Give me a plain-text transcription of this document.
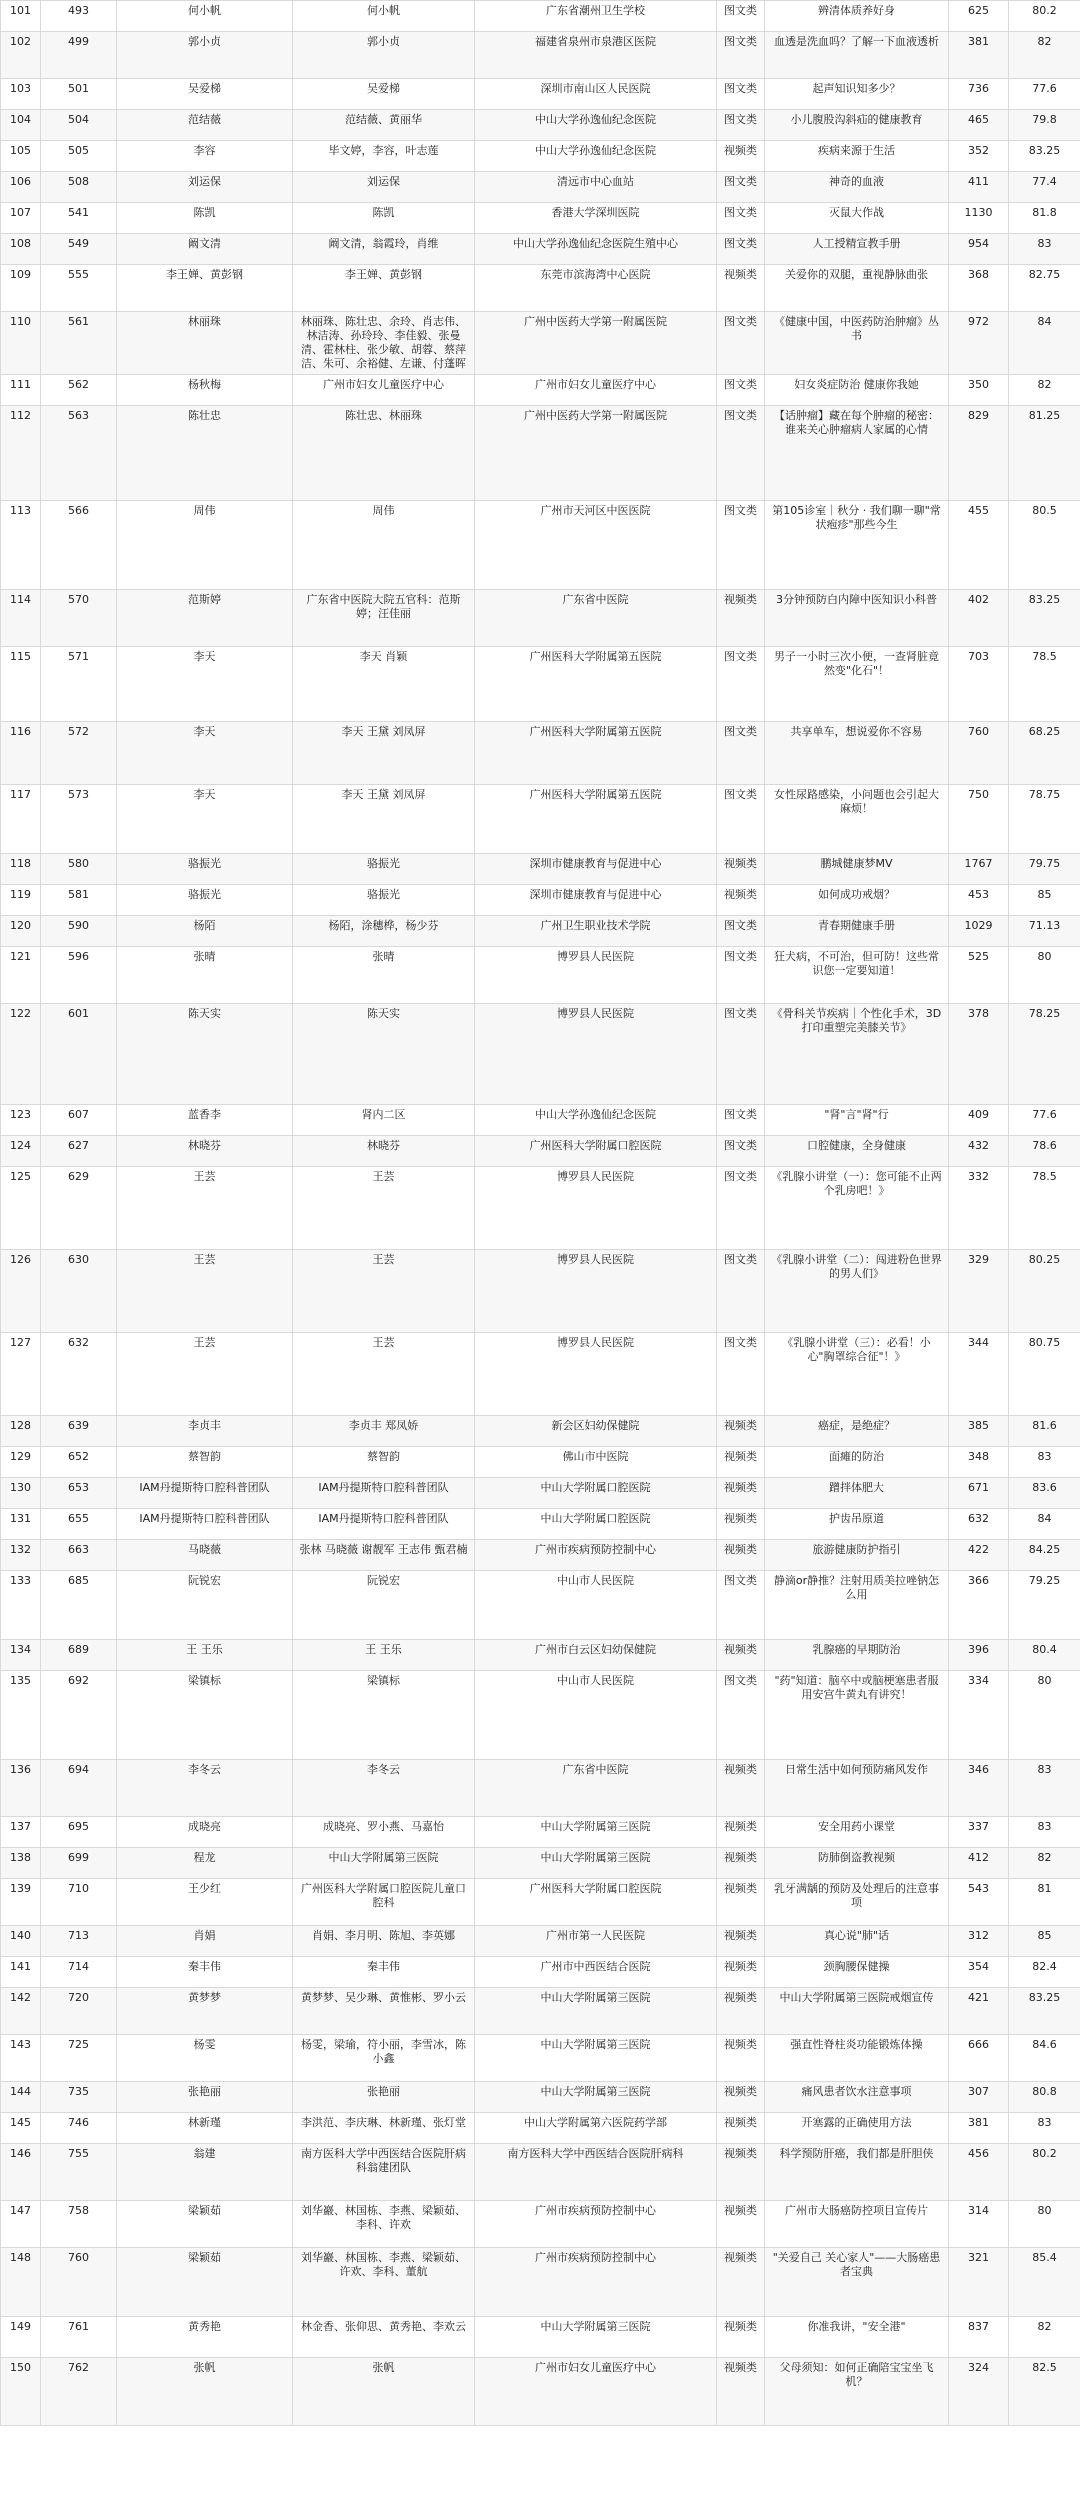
101	493	何小帆	何小帆	广东省潮州卫生学校	图文类	辨清体质养好身	625	80.2
102	499	郭小贞	郭小贞	福建省泉州市泉港区医院	图文类	血透是洗血吗？了解一下血液透析	381	82
103	501	吴爱梯	吴爱梯	深圳市南山区人民医院	图文类	起声知识知多少？	736	77.6
104	504	范结薇	范结薇、黄丽华	中山大学孙逸仙纪念医院	图文类	小儿腹股沟斜疝的健康教育	465	79.8
105	505	李容	毕文婷，李容，叶志莲	中山大学孙逸仙纪念医院	视频类	疾病来源于生活	352	83.25
106	508	刘运保	刘运保	清远市中心血站	图文类	神奇的血液	411	77.4
107	541	陈凯	陈凯	香港大学深圳医院	图文类	灭鼠大作战	1130	81.8
108	549	阚文清	阚文清，翁霞玲，肖维	中山大学孙逸仙纪念医院生殖中心	图文类	人工授精宣教手册	954	83
109	555	李王婵、黄彭钢	李王婵、黄彭钢	东莞市滨海湾中心医院	视频类	关爱你的双腿，重视静脉曲张	368	82.75
110	561	林丽珠	林丽珠、陈壮忠、余玲、肖志伟、林洁涛、孙玲玲、李佳毅、张曼清、霍林柱、张少敏、胡蓉、蔡萍洁、朱可、余裕健、左谦、付蓬晖	广州中医药大学第一附属医院	图文类	《健康中国，中医药防治肿瘤》丛书	972	84
111	562	杨秋梅	广州市妇女儿童医疗中心	广州市妇女儿童医疗中心	图文类	妇女炎症防治 健康你我她	350	82
112	563	陈壮忠	陈壮忠、林丽珠	广州中医药大学第一附属医院	图文类	【话肿瘤】藏在每个肿瘤的秘密：谁来关心肿瘤病人家属的心情	829	81.25
113	566	周伟	周伟	广州市天河区中医医院	图文类	第105诊室｜秋分 · 我们聊一聊"常状疱疹"那些今生	455	80.5
114	570	范斯婷	广东省中医院大院五官科：范斯婷；汪佳丽	广东省中医院	视频类	3分钟预防白内障中医知识小科普	402	83.25
115	571	李天	李天 肖颖	广州医科大学附属第五医院	图文类	男子一小时三次小便，一查肾脏竟然变"化石"！	703	78.5
116	572	李天	李天 王黛 刘凤屏	广州医科大学附属第五医院	图文类	共享单车，想说爱你不容易	760	68.25
117	573	李天	李天 王黛 刘凤屏	广州医科大学附属第五医院	图文类	女性尿路感染，小问题也会引起大麻烦！	750	78.75
118	580	骆振光	骆振光	深圳市健康教育与促进中心	视频类	鹏城健康梦MV	1767	79.75
119	581	骆振光	骆振光	深圳市健康教育与促进中心	视频类	如何成功戒烟？	453	85
120	590	杨陌	杨陌，涂穗桦，杨少芬	广州卫生职业技术学院	图文类	青春期健康手册	1029	71.13
121	596	张晴	张晴	博罗县人民医院	图文类	狂犬病，不可治，但可防！这些常识您一定要知道！	525	80
122	601	陈天实	陈天实	博罗县人民医院	图文类	《骨科关节疾病｜个性化手术，3D打印重塑完美膝关节》	378	78.25
123	607	蓝香李	肾内二区	中山大学孙逸仙纪念医院	图文类	"肾"言"肾"行	409	77.6
124	627	林晓芬	林晓芬	广州医科大学附属口腔医院	图文类	口腔健康，全身健康	432	78.6
125	629	王芸	王芸	博罗县人民医院	图文类	《乳腺小讲堂（一）：您可能不止两个乳房吧！》	332	78.5
126	630	王芸	王芸	博罗县人民医院	图文类	《乳腺小讲堂（二）：闯进粉色世界的男人们》	329	80.25
127	632	王芸	王芸	博罗县人民医院	图文类	《乳腺小讲堂（三）：必看！小心"胸罩综合征"！》	344	80.75
128	639	李贞丰	李贞丰 郑凤娇	新会区妇幼保健院	视频类	癌症，是绝症？	385	81.6
129	652	蔡智韵	蔡智韵	佛山市中医院	视频类	面瘫的防治	348	83
130	653	IAM丹提斯特口腔科普团队	IAM丹提斯特口腔科普团队	中山大学附属口腔医院	视频类	蹭拌体肥大	671	83.6
131	655	IAM丹提斯特口腔科普团队	IAM丹提斯特口腔科普团队	中山大学附属口腔医院	视频类	护齿吊原道	632	84
132	663	马晓薇	张林 马晓薇 谢靓军 王志伟 甄君楠	广州市疾病预防控制中心	视频类	旅游健康防护指引	422	84.25
133	685	阮锐宏	阮锐宏	中山市人民医院	图文类	静滴or静推？注射用质美拉唑钠怎么用	366	79.25
134	689	王 王乐	王 王乐	广州市白云区妇幼保健院	视频类	乳腺癌的早期防治	396	80.4
135	692	梁镇标	梁镇标	中山市人民医院	图文类	"药"知道：脑卒中或脑梗塞患者服用安宫牛黄丸有讲究！	334	80
136	694	李冬云	李冬云	广东省中医院	视频类	日常生活中如何预防痛风发作	346	83
137	695	成晓亮	成晓亮、罗小燕、马嘉怡	中山大学附属第三医院	视频类	安全用药小课堂	337	83
138	699	程龙	中山大学附属第三医院	中山大学附属第三医院	视频类	防肺倒盗教视频	412	82
139	710	王少红	广州医科大学附属口腔医院儿童口腔科	广州医科大学附属口腔医院	视频类	乳牙满龋的预防及处理后的注意事项	543	81
140	713	肖娟	肖娟、李月明、陈旭、李英娜	广州市第一人民医院	视频类	真心说"肺"话	312	85
141	714	秦丰伟	秦丰伟	广州市中西医结合医院	视频类	颈胸腰保健操	354	82.4
142	720	黄梦梦	黄梦梦、吴少琳、黄惟彬、罗小云	中山大学附属第三医院	视频类	中山大学附属第三医院戒烟宣传	421	83.25
143	725	杨雯	杨雯，梁瑜，符小丽，李雪冰，陈小鑫	中山大学附属第三医院	视频类	强直性脊柱炎功能锻炼体操	666	84.6
144	735	张艳丽	张艳丽	中山大学附属第三医院	视频类	痛风患者饮水注意事项	307	80.8
145	746	林新瑾	李洪范、李庆琳、林新瑾、张灯堂	中山大学附属第六医院药学部	视频类	开塞露的正确使用方法	381	83
146	755	翁建	南方医科大学中西医结合医院肝病科翁建团队	南方医科大学中西医结合医院肝病科	视频类	科学预防肝癌，我们都是肝胆侠	456	80.2
147	758	梁颖茹	刘华巖、林国栋、李燕、梁颖茹、李科、许欢	广州市疾病预防控制中心	视频类	广州市大肠癌防控项目宣传片	314	80
148	760	梁颖茹	刘华巖、林国栋、李燕、梁颖茹、许欢、李科、董航	广州市疾病预防控制中心	视频类	"关爱自己 关心家人"——大肠癌患者宝典	321	85.4
149	761	黄秀艳	林金香、张仰思、黄秀艳、李欢云	中山大学附属第三医院	视频类	你准我讲，"安全港"	837	82
150	762	张帆	张帆	广州市妇女儿童医疗中心	视频类	父母须知：如何正确陪宝宝坐飞机？	324	82.5
